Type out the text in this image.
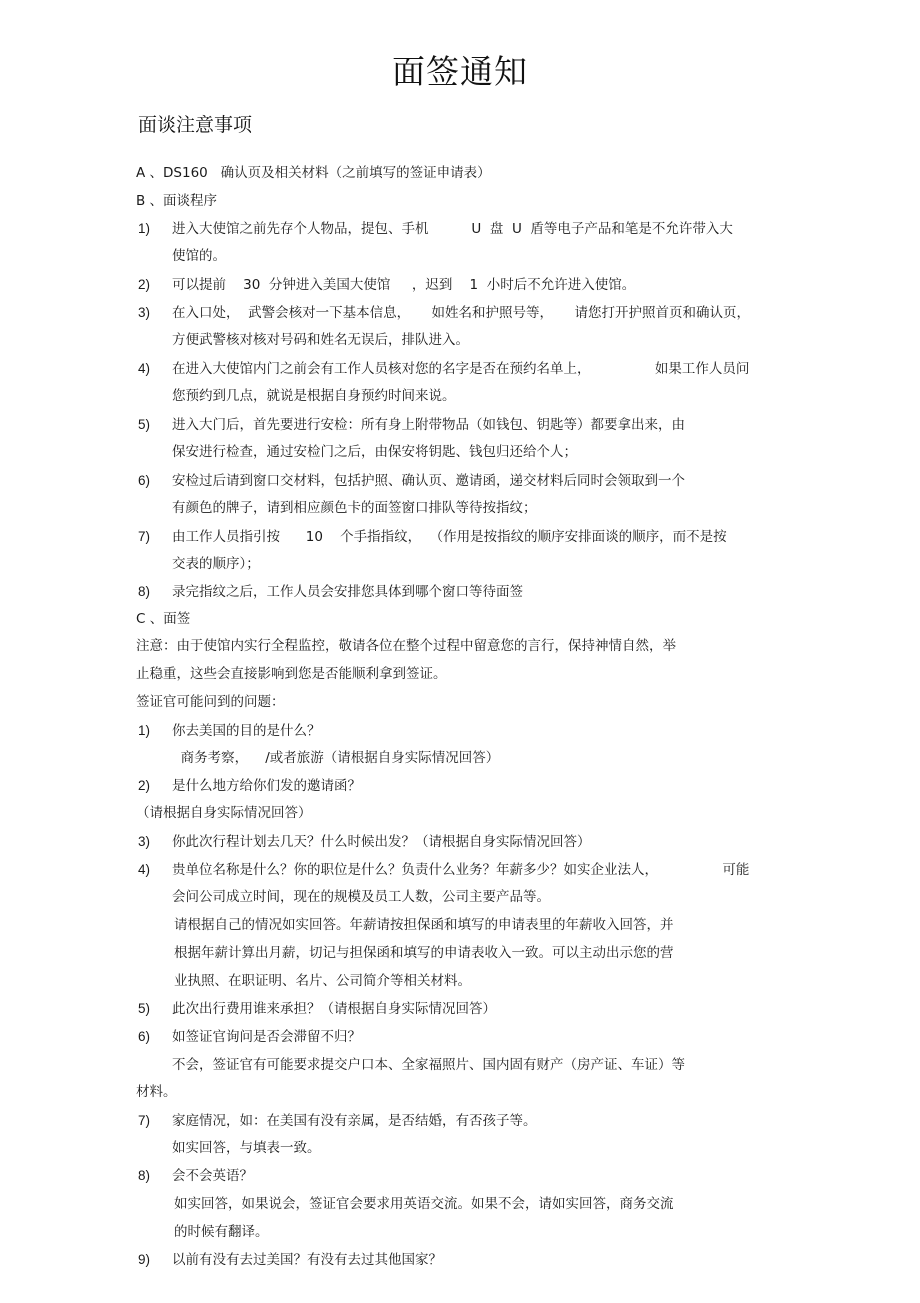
面签通知
面谈注意事项
A 、DS160   确认页及相关材料（之前填写的签证申请表）
B 、面谈程序
1) 进入大使馆之前先存个人物品，提包、手机          U  盘  U  盾等电子产品和笔是不允许带入大
使馆的。
2) 可以提前    30  分钟进入美国大使馆     ，迟到    1  小时后不允许进入使馆。
3) 在入口处，  武警会核对一下基本信息，     如姓名和护照号等，     请您打开护照首页和确认页，
方便武警核对核对号码和姓名无误后，排队进入。
4) 在进入大使馆内门之前会有工作人员核对您的名字是否在预约名单上，               如果工作人员问
您预约到几点，就说是根据自身预约时间来说。
5) 进入大门后，首先要进行安检：所有身上附带物品（如钱包、钥匙等）都要拿出来，由
保安进行检查，通过安检门之后，由保安将钥匙、钱包归还给个人；
6) 安检过后请到窗口交材料，包括护照、确认页、邀请函，递交材料后同时会领取到一个
有颜色的牌子，请到相应颜色卡的面签窗口排队等待按指纹；
7) 由工作人员指引按      10    个手指指纹，  （作用是按指纹的顺序安排面谈的顺序，而不是按
交表的顺序）；
8) 录完指纹之后，工作人员会安排您具体到哪个窗口等待面签
C 、面签
注意：由于使馆内实行全程监控，敬请各位在整个过程中留意您的言行，保持神情自然，举
止稳重，这些会直接影响到您是否能顺利拿到签证。
签证官可能问到的问题：
1) 你去美国的目的是什么？
商务考察，    /或者旅游（请根据自身实际情况回答）
2) 是什么地方给你们发的邀请函？
（请根据自身实际情况回答）
3) 你此次行程计划去几天？什么时候出发？（请根据自身实际情况回答）
4) 贵单位名称是什么？你的职位是什么？负责什么业务？年薪多少？如实企业法人，               可能
会问公司成立时间，现在的规模及员工人数，公司主要产品等。
请根据自己的情况如实回答。年薪请按担保函和填写的申请表里的年薪收入回答，并
根据年薪计算出月薪，切记与担保函和填写的申请表收入一致。可以主动出示您的营
业执照、在职证明、名片、公司简介等相关材料。
5) 此次出行费用谁来承担？（请根据自身实际情况回答）
6) 如签证官询问是否会滞留不归？
不会，签证官有可能要求提交户口本、全家福照片、国内固有财产（房产证、车证）等
材料。
7) 家庭情况，如：在美国有没有亲属，是否结婚，有否孩子等。
如实回答，与填表一致。
8) 会不会英语？
如实回答，如果说会，签证官会要求用英语交流。如果不会，请如实回答，商务交流
的时候有翻译。
9) 以前有没有去过美国？有没有去过其他国家？
